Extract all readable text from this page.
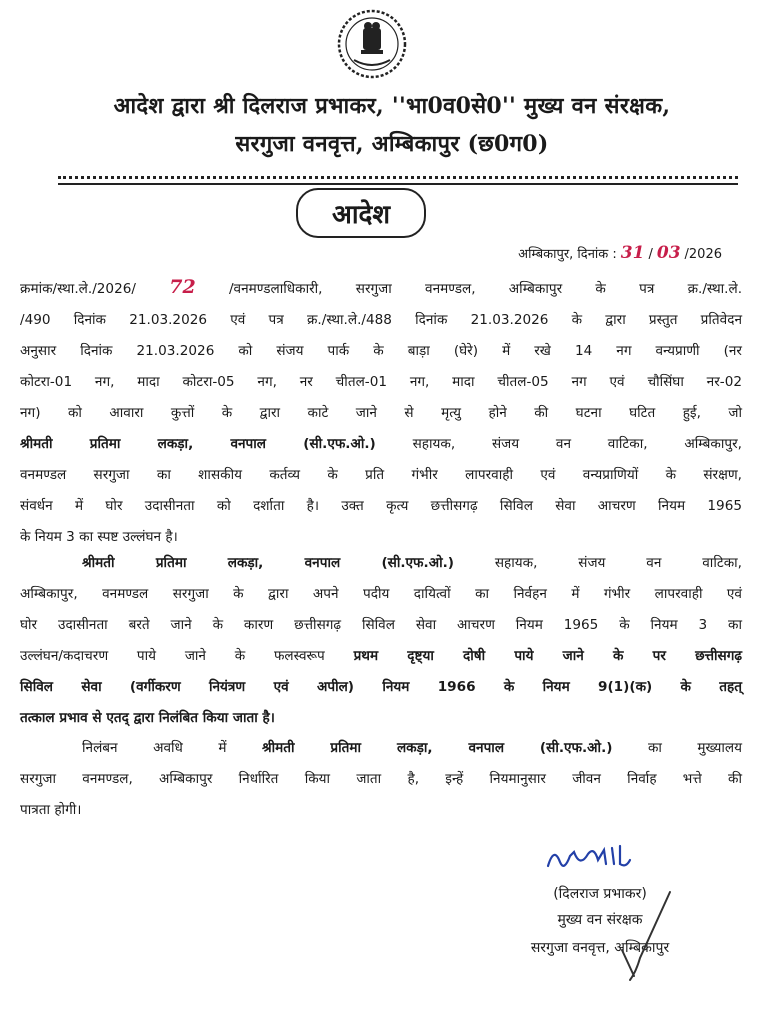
आदेश द्वारा श्री दिलराज प्रभाकर, ''भा0व0से0'' मुख्य वन संरक्षक,
सरगुजा वनवृत्त, अम्बिकापुर (छ0ग0)
आदेश
अम्बिकापुर, दिनांक : 31 / 03 /2026
क्रमांक/स्था.ले./2026/ 72 /वनमण्डलाधिकारी, सरगुजा वनमण्डल, अम्बिकापुर के पत्र क्र./स्था.ले.
/490 दिनांक 21.03.2026 एवं पत्र क्र./स्था.ले./488 दिनांक 21.03.2026 के द्वारा प्रस्तुत प्रतिवेदन
अनुसार दिनांक 21.03.2026 को संजय पार्क के बाड़ा (घेरे) में रखे 14 नग वन्यप्राणी (नर
कोटरा-01 नग, मादा कोटरा-05 नग, नर चीतल-01 नग, मादा चीतल-05 नग एवं चौसिंघा नर-02
नग) को आवारा कुत्तों के द्वारा काटे जाने से मृत्यु होने की घटना घटित हुई, जो
श्रीमती प्रतिमा लकड़ा, वनपाल (सी.एफ.ओ.) सहायक, संजय वन वाटिका, अम्बिकापुर,
वनमण्डल सरगुजा का शासकीय कर्तव्य के प्रति गंभीर लापरवाही एवं वन्यप्राणियों के संरक्षण,
संवर्धन में घोर उदासीनता को दर्शाता है। उक्त कृत्य छत्तीसगढ़ सिविल सेवा आचरण नियम 1965
के नियम 3 का स्पष्ट उल्लंघन है।
श्रीमती प्रतिमा लकड़ा, वनपाल (सी.एफ.ओ.) सहायक, संजय वन वाटिका,
अम्बिकापुर, वनमण्डल सरगुजा के द्वारा अपने पदीय दायित्वों का निर्वहन में गंभीर लापरवाही एवं
घोर उदासीनता बरते जाने के कारण छत्तीसगढ़ सिविल सेवा आचरण नियम 1965 के नियम 3 का
उल्लंघन/कदाचरण पाये जाने के फलस्वरूप प्रथम दृष्ट्या दोषी पाये जाने के पर छत्तीसगढ़
सिविल सेवा (वर्गीकरण नियंत्रण एवं अपील) नियम 1966 के नियम 9(1)(क) के तहत्
तत्काल प्रभाव से एतद् द्वारा निलंबित किया जाता है।
निलंबन अवधि में श्रीमती प्रतिमा लकड़ा, वनपाल (सी.एफ.ओ.) का मुख्यालय
सरगुजा वनमण्डल, अम्बिकापुर निर्धारित किया जाता है, इन्हें नियमानुसार जीवन निर्वाह भत्ते की
पात्रता होगी।
(दिलराज प्रभाकर)
मुख्य वन संरक्षक
सरगुजा वनवृत्त, अम्बिकापुर
